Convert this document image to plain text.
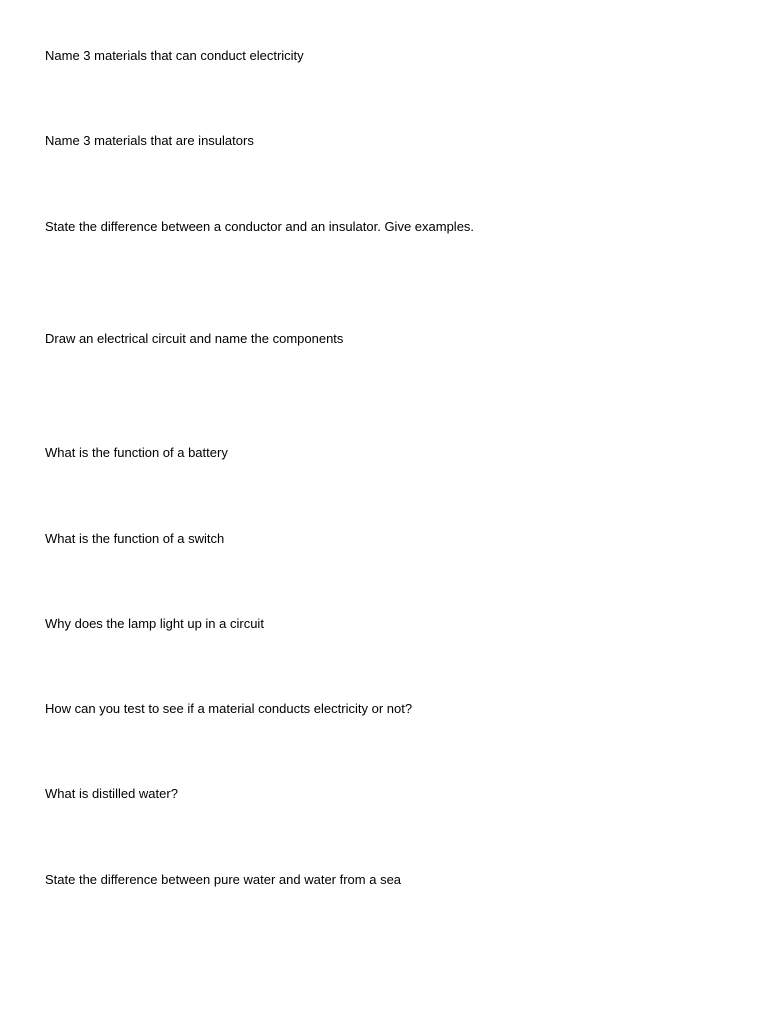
Name 3 materials that can conduct electricity

Name 3 materials that are insulators

State the difference between a conductor and an insulator. Give examples.

Draw an electrical circuit and name the components

What is the function of a battery

What is the function of a switch

Why does the lamp light up in a circuit

How can you test to see if a material conducts electricity or not?

What is distilled water?

State the difference between pure water and water from a sea
